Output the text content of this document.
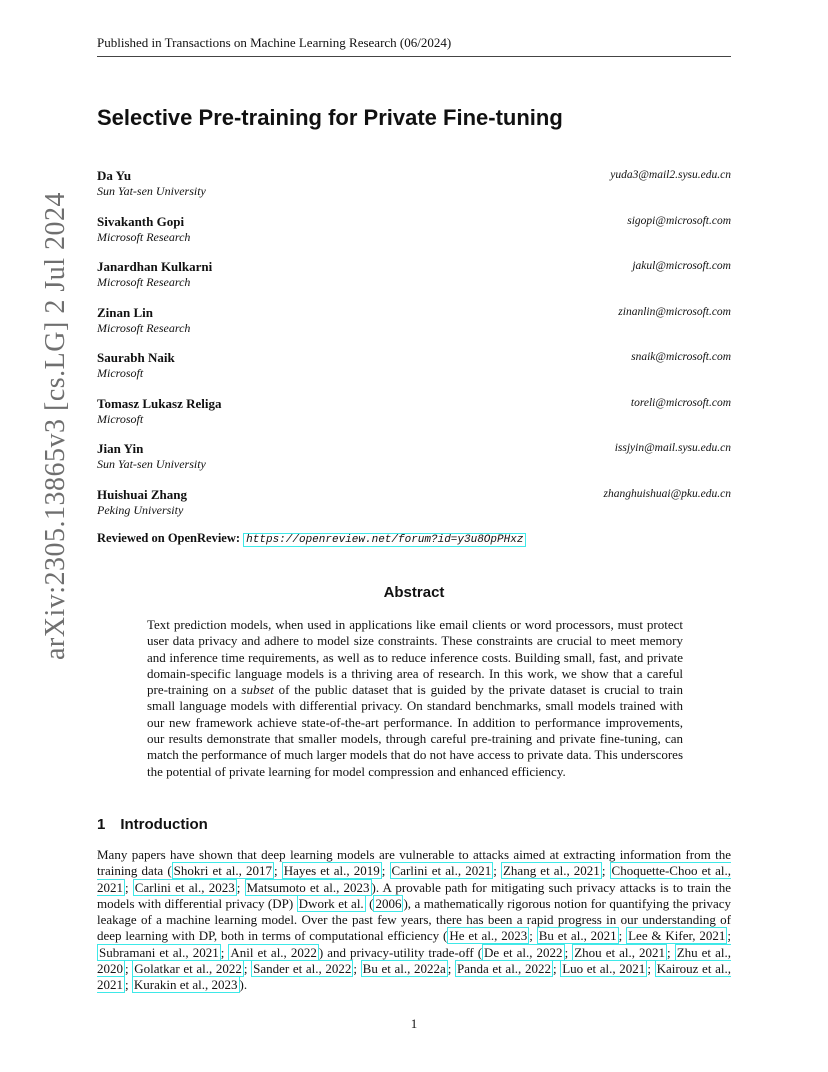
Published in Transactions on Machine Learning Research (06/2024)
Selective Pre-training for Private Fine-tuning
Da Yu
Sun Yat-sen University
yuda3@mail2.sysu.edu.cn
Sivakanth Gopi
Microsoft Research
sigopi@microsoft.com
Janardhan Kulkarni
Microsoft Research
jakul@microsoft.com
Zinan Lin
Microsoft Research
zinanlin@microsoft.com
Saurabh Naik
Microsoft
snaik@microsoft.com
Tomasz Lukasz Religa
Microsoft
toreli@microsoft.com
Jian Yin
Sun Yat-sen University
issjyin@mail.sysu.edu.cn
Huishuai Zhang
Peking University
zhanghuishuai@pku.edu.cn
Reviewed on OpenReview: https://openreview.net/forum?id=y3u8OpPHxz
Abstract

Text prediction models, when used in applications like email clients or word processors, must protect user data privacy and adhere to model size constraints. These constraints are crucial to meet memory and inference time requirements, as well as to reduce inference costs. Building small, fast, and private domain-specific language models is a thriving area of research. In this work, we show that a careful pre-training on a subset of the public dataset that is guided by the private dataset is crucial to train small language models with differential privacy. On standard benchmarks, small models trained with our new framework achieve state-of-the-art performance. In addition to performance improvements, our results demonstrate that smaller models, through careful pre-training and private fine-tuning, can match the performance of much larger models that do not have access to private data. This underscores the potential of private learning for model compression and enhanced efficiency.

1 Introduction

Many papers have shown that deep learning models are vulnerable to attacks aimed at extracting information from the training data ( Shokri et al., 2017 ; Hayes et al., 2019 ; Carlini et al., 2021 ; Zhang et al., 2021 ; Choquette-Choo et al., 2021 ; Carlini et al., 2023 ; Matsumoto et al., 2023 ). A provable path for mitigating such privacy attacks is to train the models with differential privacy (DP) Dwork et al. ( 2006 ), a mathematically rigorous notion for quantifying the privacy leakage of a machine learning model. Over the past few years, there has been a rapid progress in our understanding of deep learning with DP, both in terms of computational efficiency ( He et al., 2023 ; Bu et al., 2021 ; Lee & Kifer, 2021 ; Subramani et al., 2021 ; Anil et al., 2022 ) and privacy-utility trade-off ( De et al., 2022 ; Zhou et al., 2021 ; Zhu et al., 2020 ; Golatkar et al., 2022 ; Sander et al., 2022 ; Bu et al., 2022a ; Panda et al., 2022 ; Luo et al., 2021 ; Kairouz et al., 2021 ; Kurakin et al., 2023 ).

1
arXiv:2305.13865v3 [cs.LG] 2 Jul 2024
